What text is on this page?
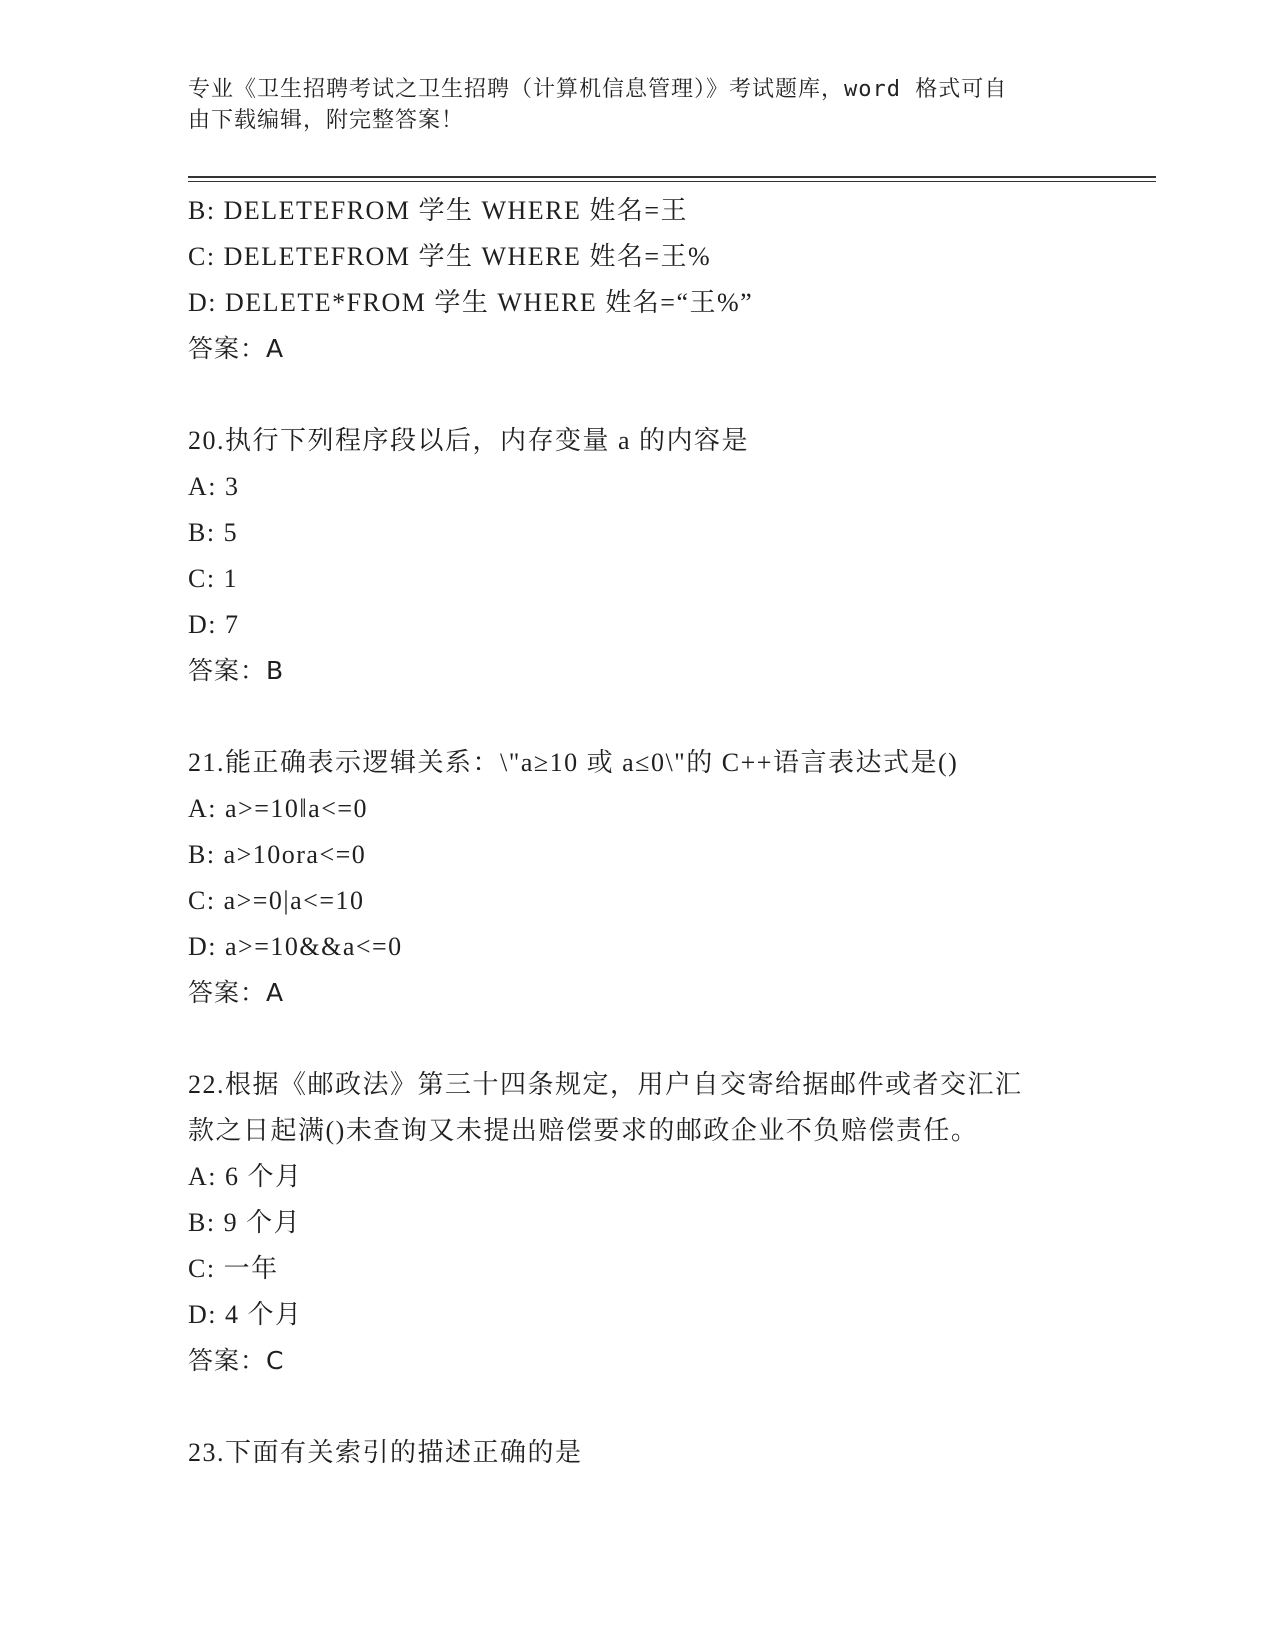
专业《卫生招聘考试之卫生招聘（计算机信息管理）》考试题库，word 格式可自
由下载编辑，附完整答案！
B: DELETEFROM 学生 WHERE 姓名=王
C: DELETEFROM 学生 WHERE 姓名=王%
D: DELETE*FROM 学生 WHERE 姓名=“王%”
答案：A
20.执行下列程序段以后，内存变量 a 的内容是
A: 3
B: 5
C: 1
D: 7
答案：B
21.能正确表示逻辑关系：\"a≥10 或 a≤0\"的 C++语言表达式是()
A: a>=10‖a<=0
B: a>10ora<=0
C: a>=0|a<=10
D: a>=10&&a<=0
答案：A
22.根据《邮政法》第三十四条规定，用户自交寄给据邮件或者交汇汇
款之日起满()未查询又未提出赔偿要求的邮政企业不负赔偿责任。
A: 6 个月
B: 9 个月
C: 一年
D: 4 个月
答案：C
23.下面有关索引的描述正确的是
